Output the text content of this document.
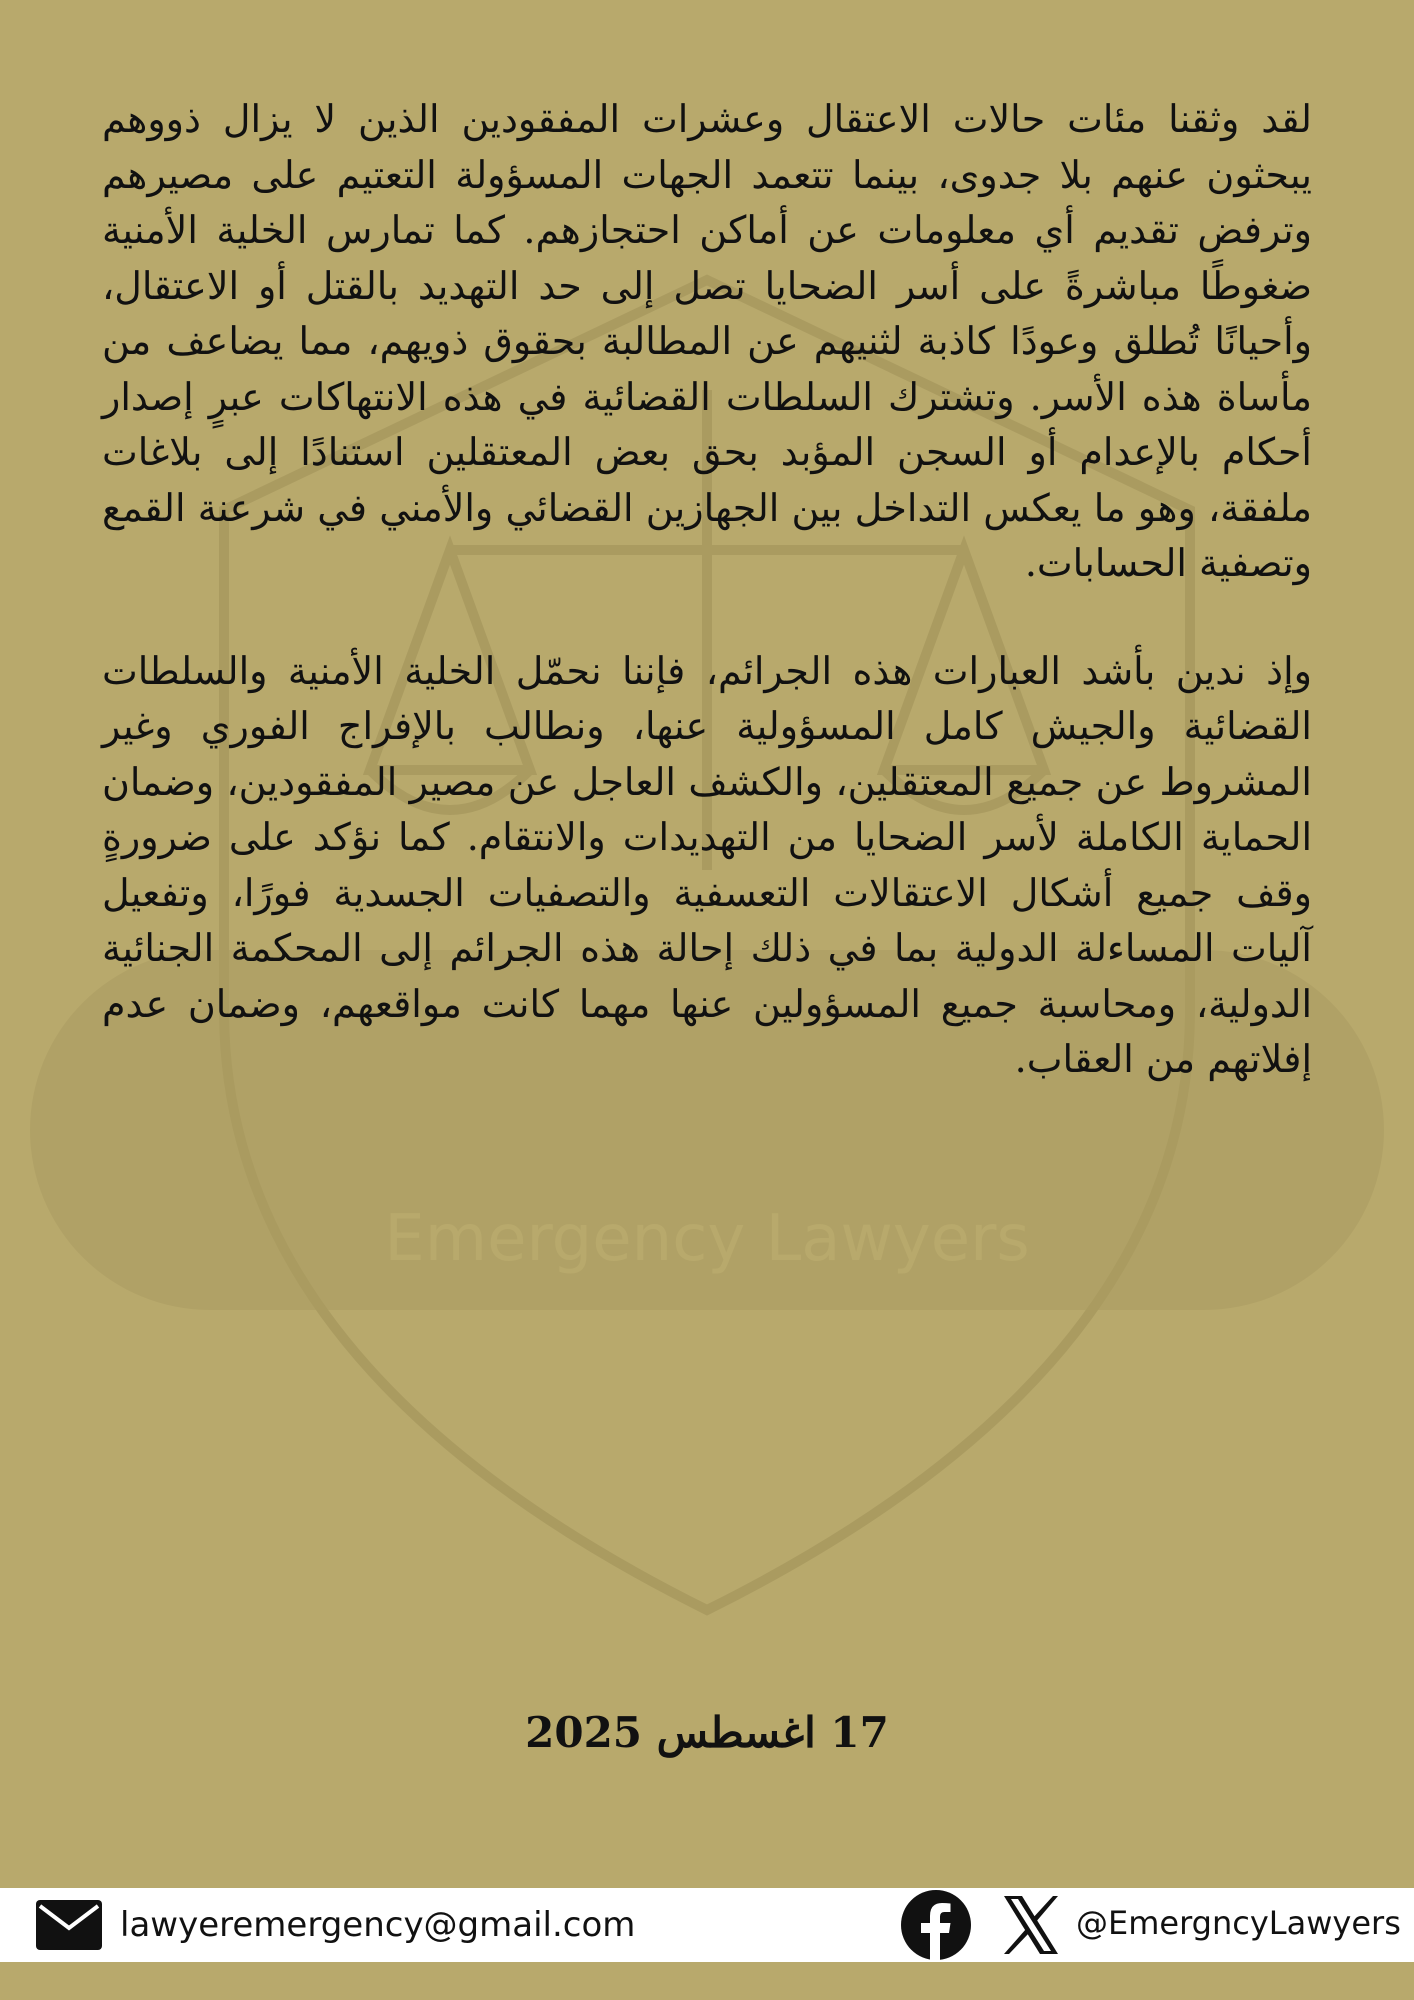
Emergency Lawyers

لقد وثقنا مئات حالات الاعتقال وعشرات المفقودين الذين لا يزال ذووهم يبحثون عنهم بلا جدوى، بينما تتعمد الجهات المسؤولة التعتيم على مصيرهم وترفض تقديم أي معلومات عن أماكن احتجازهم. كما تمارس الخلية الأمنية ضغوطًا مباشرةً على أسر الضحايا تصل إلى حد التهديد بالقتل أو الاعتقال، وأحيانًا تُطلق وعودًا كاذبة لثنيهم عن المطالبة بحقوق ذويهم، مما يضاعف من مأساة هذه الأسر. وتشترك السلطات القضائية في هذه الانتهاكات عبرٍ إصدار أحكام بالإعدام أو السجن المؤبد بحق بعض المعتقلين استنادًا إلى بلاغات ملفقة، وهو ما يعكس التداخل بين الجهازين القضائي والأمني في شرعنة القمع وتصفية الحسابات.

وإذ ندين بأشد العبارات هذه الجرائم، فإننا نحمّل الخلية الأمنية والسلطات القضائية والجيش كامل المسؤولية عنها، ونطالب بالإفراج الفوري وغير المشروط عن جميع المعتقلين، والكشف العاجل عن مصير المفقودين، وضمان الحماية الكاملة لأسر الضحايا من التهديدات والانتقام. كما نؤكد على ضرورةٍ وقف جميع أشكال الاعتقالات التعسفية والتصفيات الجسدية فورًا، وتفعيل آليات المساءلة الدولية بما في ذلك إحالة هذه الجرائم إلى المحكمة الجنائية الدولية، ومحاسبة جميع المسؤولين عنها مهما كانت مواقعهم، وضمان عدم إفلاتهم من العقاب.

17 اغسطس 2025
lawyeremergency@gmail.com	@EmergncyLawyers
